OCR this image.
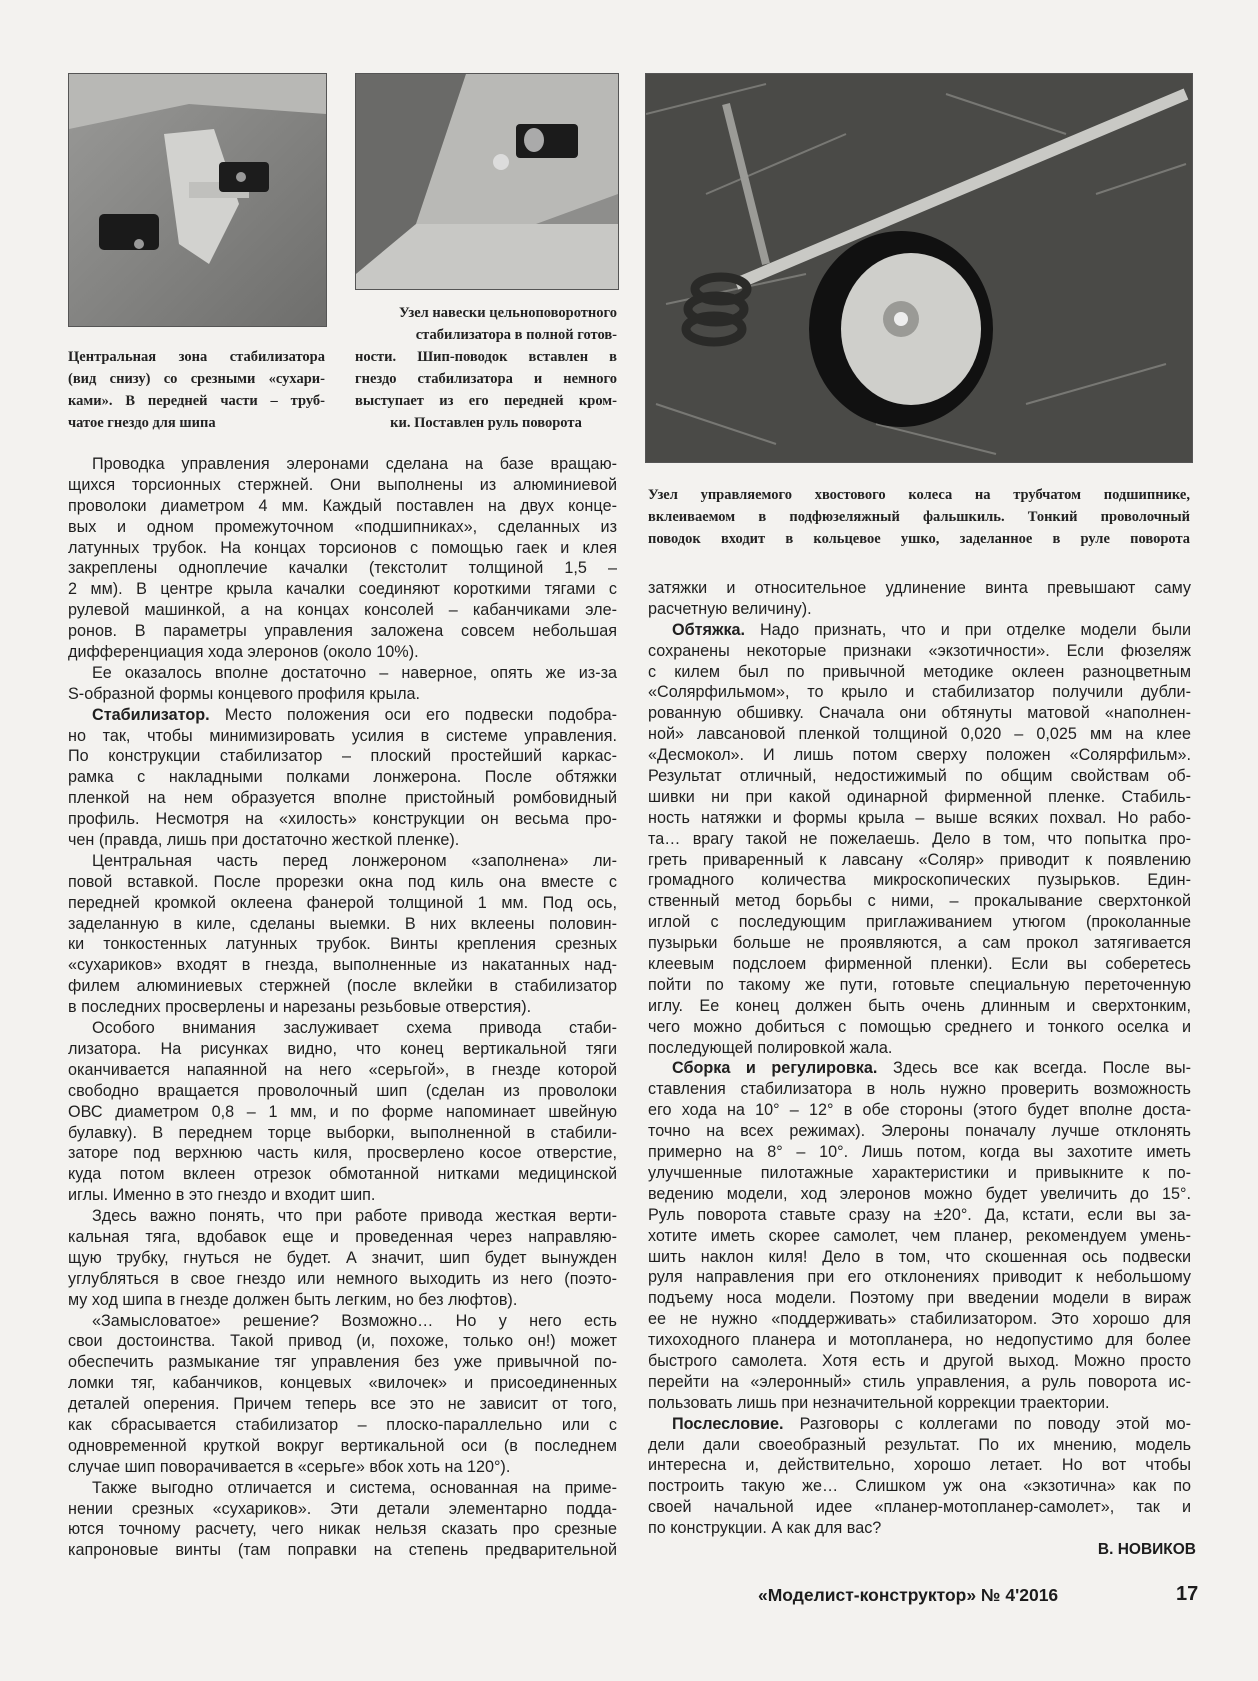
Центральная зона стабилизатора
(вид снизу) со срезными «сухари-
ками». В передней части – труб-
чатое гнездо для шипа
Узел навески цельноповоротного
стабилизатора в полной готов-
ности. Шип-поводок вставлен в
гнездо стабилизатора и немного
выступает из его передней кром-
ки. Поставлен руль поворота
Узел управляемого хвостового колеса на трубчатом подшипнике,
вклеиваемом в подфюзеляжный фальшкиль. Тонкий проволочный
поводок входит в кольцевое ушко, заделанное в руле поворота
Проводка управления элеронами сделана на базе вращаю-
щихся торсионных стержней. Они выполнены из алюминиевой
проволоки диаметром 4 мм. Каждый поставлен на двух концe-
вых и одном промежуточном «подшипниках», сделанных из
латунных трубок. На концах торсионов с помощью гаек и клея
закреплены одноплечие качалки (текстолит толщиной 1,5 –
2 мм). В центре крыла качалки соединяют короткими тягами с
рулевой машинкой, а на концах консолей – кабанчиками эле-
ронов. В параметры управления заложена совсем небольшая
дифференциация хода элеронов (около 10%).
Ее оказалось вполне достаточно – наверное, опять же из-за
S-образной формы концевого профиля крыла.
Стабилизатор. Место положения оси его подвески подобра-
но так, чтобы минимизировать усилия в системе управления.
По конструкции стабилизатор – плоский простейший каркас-
рамка с накладными полками лонжерона. После обтяжки
пленкой на нем образуется вполне пристойный ромбовидный
профиль. Несмотря на «хилость» конструкции он весьма про-
чен (правда, лишь при достаточно жесткой пленке).
Центральная часть перед лонжероном «заполнена» ли-
повой вставкой. После прорезки окна под киль она вместе с
передней кромкой оклеена фанерой толщиной 1 мм. Под ось,
заделанную в киле, сделаны выемки. В них вклеены половин-
ки тонкостенных латунных трубок. Винты крепления срезных
«сухариков» входят в гнезда, выполненные из накатанных над-
филем алюминиевых стержней (после вклейки в стабилизатор
в последних просверлены и нарезаны резьбовые отверстия).
Особого внимания заслуживает схема привода стаби-
лизатора. На рисунках видно, что конец вертикальной тяги
оканчивается напаянной на него «серьгой», в гнезде которой
свободно вращается проволочный шип (сделан из проволоки
ОВС диаметром 0,8 – 1 мм, и по форме напоминает швейную
булавку). В переднем торце выборки, выполненной в стабили-
заторе под верхнюю часть киля, просверлено косое отверстие,
куда потом вклеен отрезок обмотанной нитками медицинской
иглы. Именно в это гнездо и входит шип.
Здесь важно понять, что при работе привода жесткая верти-
кальная тяга, вдобавок еще и проведенная через направляю-
щую трубку, гнуться не будет. А значит, шип будет вынужден
углубляться в свое гнездо или немного выходить из него (поэто-
му ход шипа в гнезде должен быть легким, но без люфтов).
«Замысловатое» решение? Возможно… Но у него есть
свои достоинства. Такой привод (и, похоже, только он!) может
обеспечить размыкание тяг управления без уже привычной по-
ломки тяг, кабанчиков, концевых «вилочек» и присоединенных
деталей оперения. Причем теперь все это не зависит от того,
как сбрасывается стабилизатор – плоско-параллельно или с
одновременной круткой вокруг вертикальной оси (в последнем
случае шип поворачивается в «серьге» вбок хоть на 120°).
Также выгодно отличается и система, основанная на приме-
нении срезных «сухариков». Эти детали элементарно подда-
ются точному расчету, чего никак нельзя сказать про срезные
капроновые винты (там поправки на степень предварительной
затяжки и относительное удлинение винта превышают саму
расчетную величину).
Обтяжка. Надо признать, что и при отделке модели были
сохранены некоторые признаки «экзотичности». Если фюзеляж
с килем был по привычной методике оклеен разноцветным
«Солярфильмом», то крыло и стабилизатор получили дубли-
рованную обшивку. Сначала они обтянуты матовой «наполнен-
ной» лавсановой пленкой толщиной 0,020 – 0,025 мм на клее
«Десмокол». И лишь потом сверху положен «Солярфильм».
Результат отличный, недостижимый по общим свойствам об-
шивки ни при какой одинарной фирменной пленке. Стабиль-
ность натяжки и формы крыла – выше всяких похвал. Но рабо-
та… врагу такой не пожелаешь. Дело в том, что попытка про-
греть приваренный к лавсану «Соляр» приводит к появлению
громадного количества микроскопических пузырьков. Един-
ственный метод борьбы с ними, – прокалывание сверхтонкой
иглой с последующим приглаживанием утюгом (проколанные
пузырьки больше не проявляются, а сам прокол затягивается
клеевым подслоем фирменной пленки). Если вы соберетесь
пойти по такому же пути, готовьте специальную переточенную
иглу. Ее конец должен быть очень длинным и сверхтонким,
чего можно добиться с помощью среднего и тонкого оселка и
последующей полировкой жала.
Сборка и регулировка. Здесь все как всегда. После вы-
ставления стабилизатора в ноль нужно проверить возможность
его хода на 10° – 12° в обе стороны (этого будет вполне доста-
точно на всех режимах). Элероны поначалу лучше отклонять
примерно на 8° – 10°. Лишь потом, когда вы захотите иметь
улучшенные пилотажные характеристики и привыкните к по-
ведению модели, ход элеронов можно будет увеличить до 15°.
Руль поворота ставьте сразу на ±20°. Да, кстати, если вы за-
хотите иметь скорее самолет, чем планер, рекомендуем умень-
шить наклон киля! Дело в том, что скошенная ось подвески
руля направления при его отклонениях приводит к небольшому
подъему носа модели. Поэтому при введении модели в вираж
ее не нужно «поддерживать» стабилизатором. Это хорошо для
тихоходного планера и мотопланера, но недопустимо для более
быстрого самолета. Хотя есть и другой выход. Можно просто
перейти на «элеронный» стиль управления, а руль поворота ис-
пользовать лишь при незначительной коррекции траектории.
Послесловие. Разговоры с коллегами по поводу этой мо-
дели дали своеобразный результат. По их мнению, модель
интересна и, действительно, хорошо летает. Но вот чтобы
построить такую же… Слишком уж она «экзотична» как по
своей начальной идее «планер-мотопланер-самолет», так и
по конструкции. А как для вас?
В. НОВИКОВ
«Моделист-конструктор» № 4'2016	17
